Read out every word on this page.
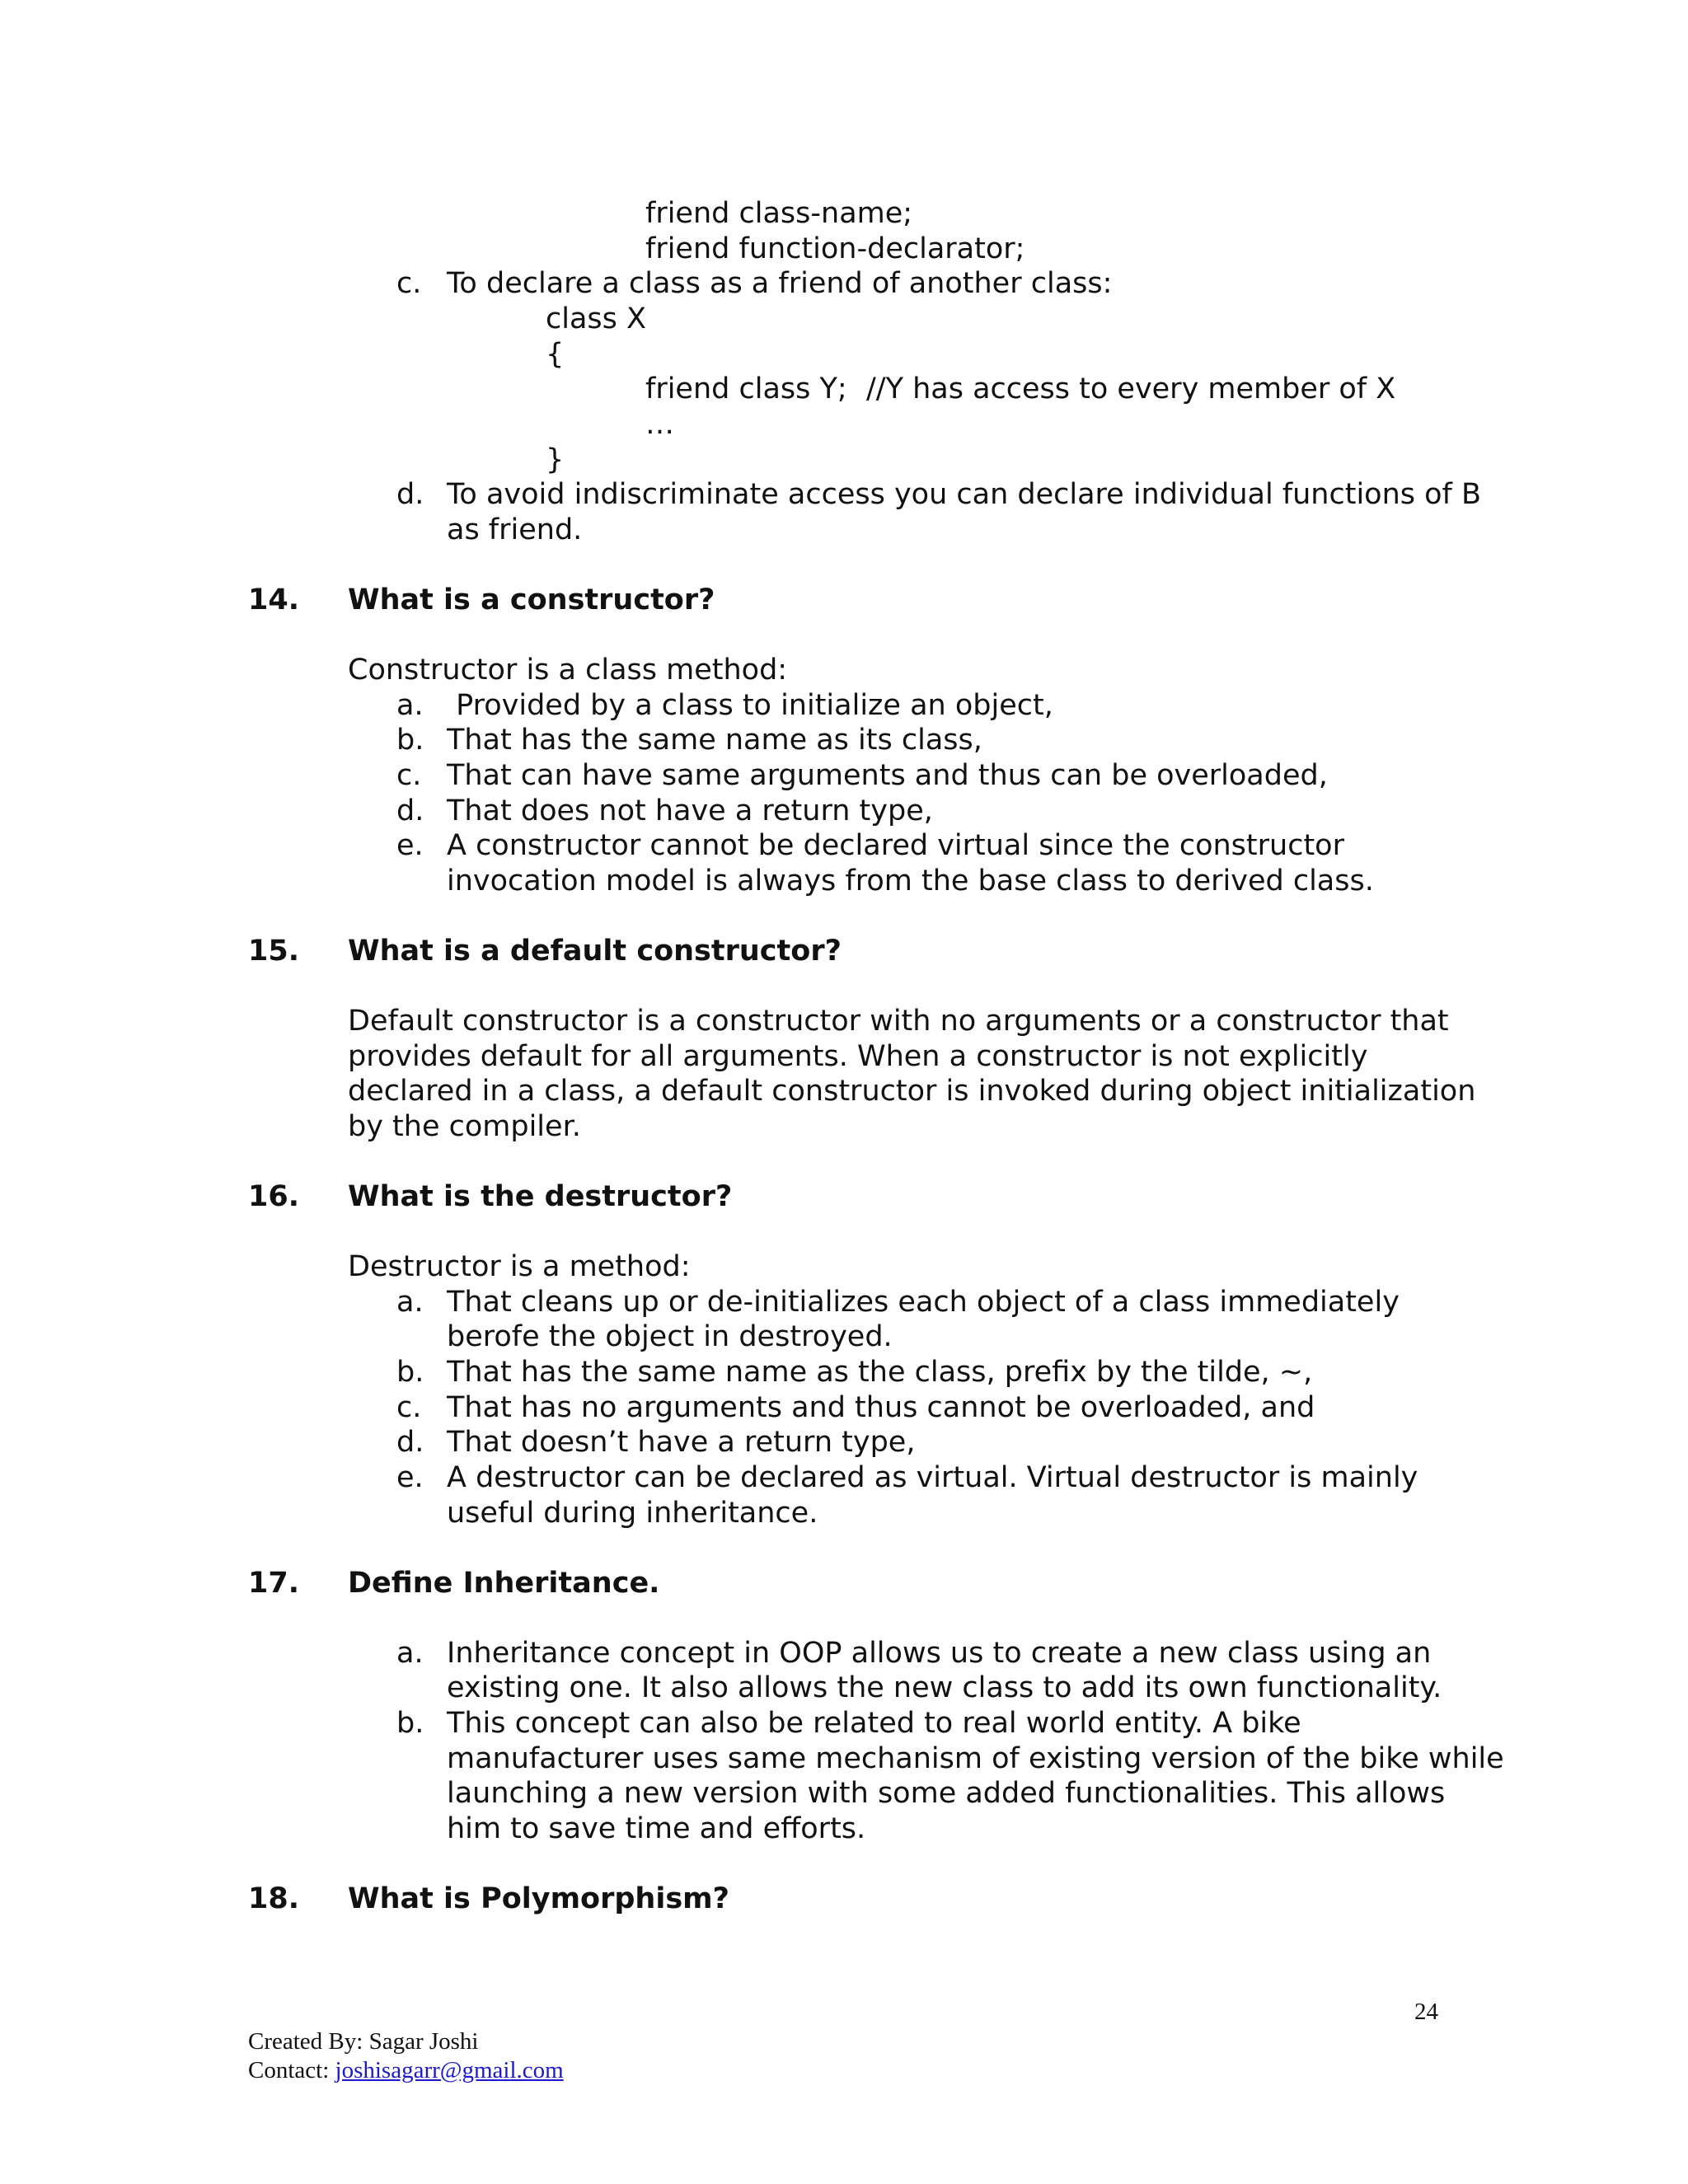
friend class-name;
friend function-declarator;
c. To declare a class as a friend of another class:
class X
{
friend class Y; //Y has access to every member of X
…
}
d. To avoid indiscriminate access you can declare individual functions of B
as friend.
14. What is a constructor?
Constructor is a class method:
a. Provided by a class to initialize an object,
b. That has the same name as its class,
c. That can have same arguments and thus can be overloaded,
d. That does not have a return type,
e. A constructor cannot be declared virtual since the constructor
invocation model is always from the base class to derived class.
15. What is a default constructor?
Default constructor is a constructor with no arguments or a constructor that
provides default for all arguments. When a constructor is not explicitly
declared in a class, a default constructor is invoked during object initialization
by the compiler.
16. What is the destructor?
Destructor is a method:
a. That cleans up or de-initializes each object of a class immediately
berofe the object in destroyed.
b. That has the same name as the class, prefix by the tilde, ~,
c. That has no arguments and thus cannot be overloaded, and
d. That doesn’t have a return type,
e. A destructor can be declared as virtual. Virtual destructor is mainly
useful during inheritance.
17. Define Inheritance.
a. Inheritance concept in OOP allows us to create a new class using an
existing one. It also allows the new class to add its own functionality.
b. This concept can also be related to real world entity. A bike
manufacturer uses same mechanism of existing version of the bike while
launching a new version with some added functionalities. This allows
him to save time and efforts.
18. What is Polymorphism?
24
Created By: Sagar Joshi
Contact: joshisagarr@gmail.com
